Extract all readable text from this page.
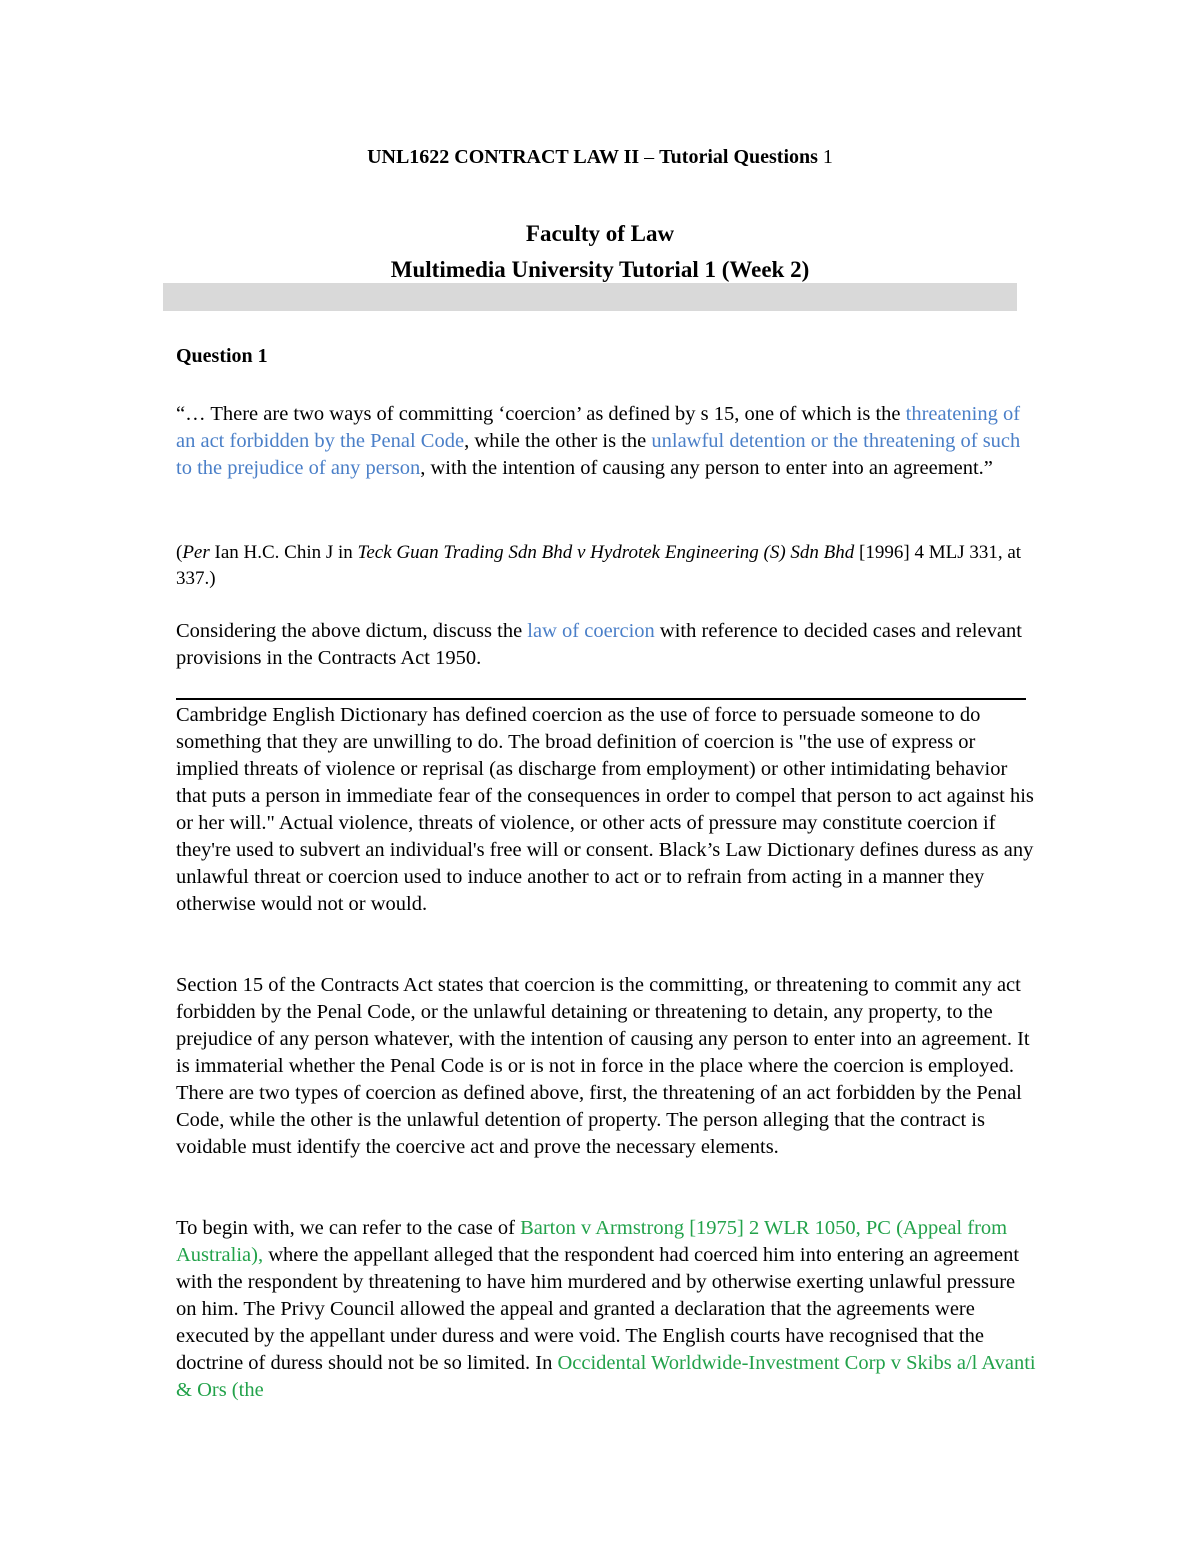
UNL1622 CONTRACT LAW II – Tutorial Questions 1
Faculty of Law
Multimedia University Tutorial 1 (Week 2)
Question 1
“… There are two ways of committing ‘coercion’ as defined by s 15, one of which is the threatening of an act forbidden by the Penal Code, while the other is the unlawful detention or the threatening of such to the prejudice of any person, with the intention of causing any person to enter into an agreement.”
(Per Ian H.C. Chin J in Teck Guan Trading Sdn Bhd v Hydrotek Engineering (S) Sdn Bhd [1996] 4 MLJ 331, at 337.)
Considering the above dictum, discuss the law of coercion with reference to decided cases and relevant provisions in the Contracts Act 1950.
Cambridge English Dictionary has defined coercion as the use of force to persuade someone to do something that they are unwilling to do. The broad definition of coercion is "the use of express or implied threats of violence or reprisal (as discharge from employment) or other intimidating behavior that puts a person in immediate fear of the consequences in order to compel that person to act against his or her will." Actual violence, threats of violence, or other acts of pressure may constitute coercion if they're used to subvert an individual's free will or consent. Black’s Law Dictionary defines duress as any unlawful threat or coercion used to induce another to act or to refrain from acting in a manner they otherwise would not or would.
Section 15 of the Contracts Act states that coercion is the committing, or threatening to commit any act forbidden by the Penal Code, or the unlawful detaining or threatening to detain, any property, to the prejudice of any person whatever, with the intention of causing any person to enter into an agreement. It is immaterial whether the Penal Code is or is not in force in the place where the coercion is employed. There are two types of coercion as defined above, first, the threatening of an act forbidden by the Penal Code, while the other is the unlawful detention of property. The person alleging that the contract is voidable must identify the coercive act and prove the necessary elements.
To begin with, we can refer to the case of Barton v Armstrong [1975] 2 WLR 1050, PC (Appeal from Australia), where the appellant alleged that the respondent had coerced him into entering an agreement with the respondent by threatening to have him murdered and by otherwise exerting unlawful pressure on him. The Privy Council allowed the appeal and granted a declaration that the agreements were executed by the appellant under duress and were void. The English courts have recognised that the doctrine of duress should not be so limited. In Occidental Worldwide-Investment Corp v Skibs a/l Avanti & Ors (the
